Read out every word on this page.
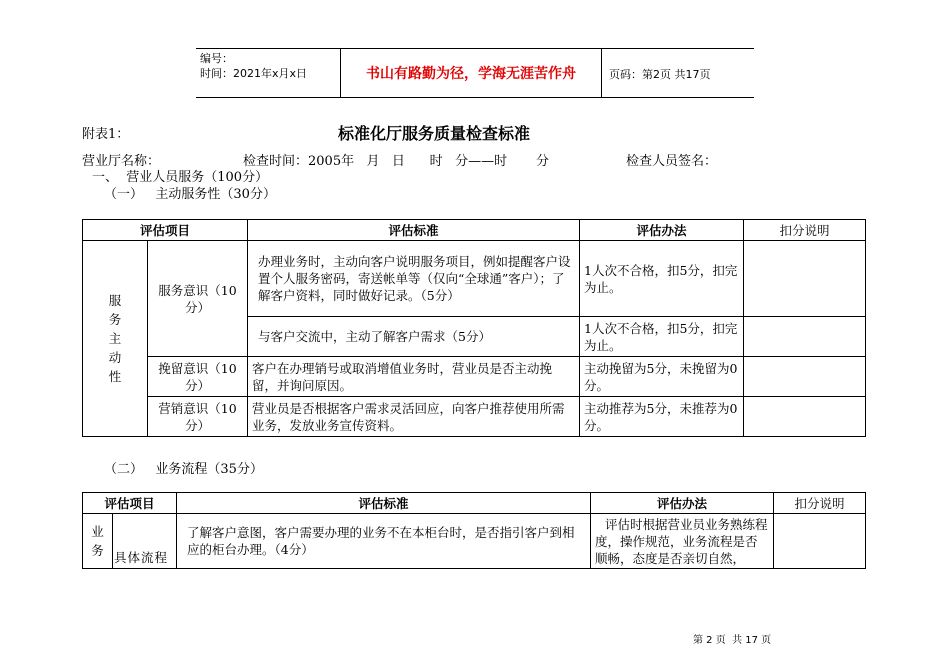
编号：
时间：2021年x月x日	书山有路勤为径，学海无涯苦作舟	页码：第2页 共17页
附表1：	标准化厅服务质量检查标准
营业厅名称：	检查时间：2005年   月   日      时   分——时       分	检查人员签名：
一、  营业人员服务（100分）
（一）   主动服务性（30分）
评估项目		评估标准	评估办法	扣分说明

服务主动性	服务意识（10分）	办理业务时，主动向客户说明服务项目，例如提醒客户设置个人服务密码，寄送帐单等（仅向“全球通”客户）；了解客户资料，同时做好记录。（5分）	1人次不合格，扣5分，扣完为止。	
		与客户交流中，主动了解客户需求（5分）	1人次不合格，扣5分，扣完为止。	
	挽留意识（10分）	客户在办理销号或取消增值业务时，营业员是否主动挽留，并询问原因。	主动挽留为5分，未挽留为0分。	
	营销意识（10分）	营业员是否根据客户需求灵活回应，向客户推荐使用所需业务，发放业务宣传资料。	主动推荐为5分，未推荐为0分。	
（二）   业务流程（35分）
评估项目		评估标准	评估办法	扣分说明

业务	具体流程	了解客户意图，客户需要办理的业务不在本柜台时，是否指引客户到相应的柜台办理。（4分）	评估时根据营业员业务熟练程度，操作规范，业务流程是否顺畅，态度是否亲切自然，	
第 2 页  共 17 页
